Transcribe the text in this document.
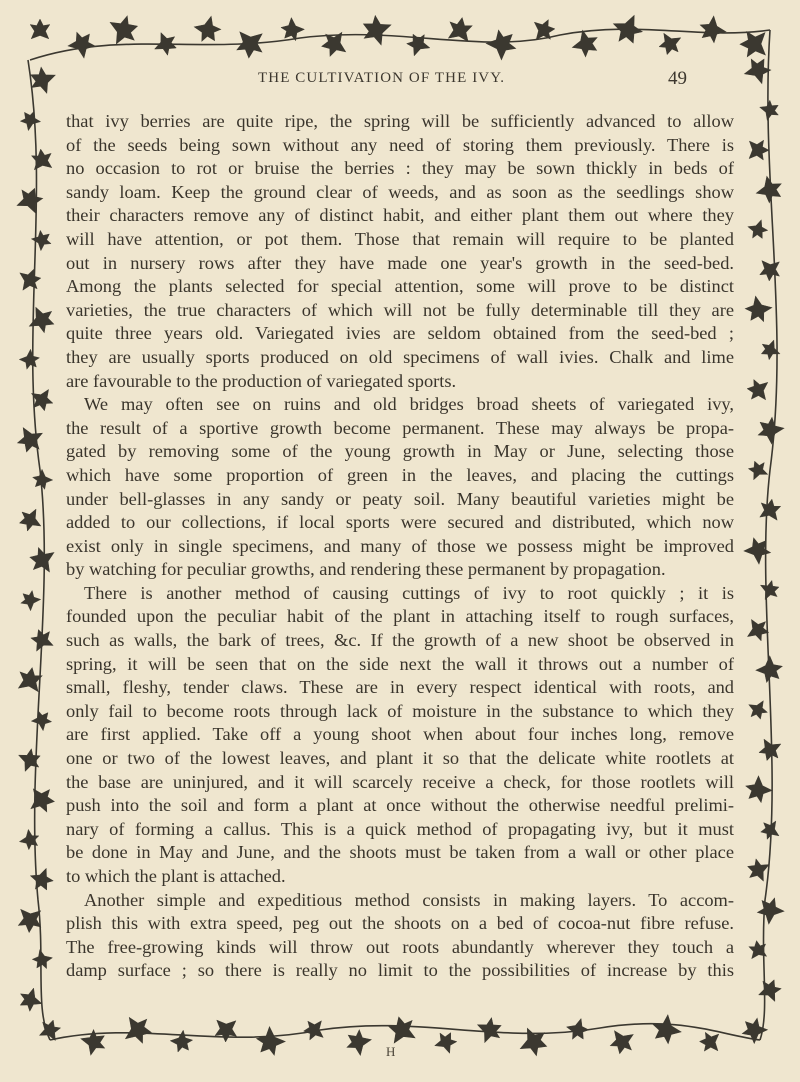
THE CULTIVATION OF THE IVY.	49
that ivy berries are quite ripe, the spring will be sufficiently advanced to allow
of the seeds being sown without any need of storing them previously. There is
no occasion to rot or bruise the berries : they may be sown thickly in beds of
sandy loam. Keep the ground clear of weeds, and as soon as the seedlings show
their characters remove any of distinct habit, and either plant them out where they
will have attention, or pot them. Those that remain will require to be planted
out in nursery rows after they have made one year's growth in the seed-bed.
Among the plants selected for special attention, some will prove to be distinct
varieties, the true characters of which will not be fully determinable till they are
quite three years old. Variegated ivies are seldom obtained from the seed-bed ;
they are usually sports produced on old specimens of wall ivies. Chalk and lime
are favourable to the production of variegated sports.
We may often see on ruins and old bridges broad sheets of variegated ivy,
the result of a sportive growth become permanent. These may always be propa-
gated by removing some of the young growth in May or June, selecting those
which have some proportion of green in the leaves, and placing the cuttings
under bell-glasses in any sandy or peaty soil. Many beautiful varieties might be
added to our collections, if local sports were secured and distributed, which now
exist only in single specimens, and many of those we possess might be improved
by watching for peculiar growths, and rendering these permanent by propagation.
There is another method of causing cuttings of ivy to root quickly ; it is
founded upon the peculiar habit of the plant in attaching itself to rough surfaces,
such as walls, the bark of trees, &c. If the growth of a new shoot be observed in
spring, it will be seen that on the side next the wall it throws out a number of
small, fleshy, tender claws. These are in every respect identical with roots, and
only fail to become roots through lack of moisture in the substance to which they
are first applied. Take off a young shoot when about four inches long, remove
one or two of the lowest leaves, and plant it so that the delicate white rootlets at
the base are uninjured, and it will scarcely receive a check, for those rootlets will
push into the soil and form a plant at once without the otherwise needful prelimi-
nary of forming a callus. This is a quick method of propagating ivy, but it must
be done in May and June, and the shoots must be taken from a wall or other place
to which the plant is attached.
Another simple and expeditious method consists in making layers. To accom-
plish this with extra speed, peg out the shoots on a bed of cocoa-nut fibre refuse.
The free-growing kinds will throw out roots abundantly wherever they touch a
damp surface ; so there is really no limit to the possibilities of increase by this
H
